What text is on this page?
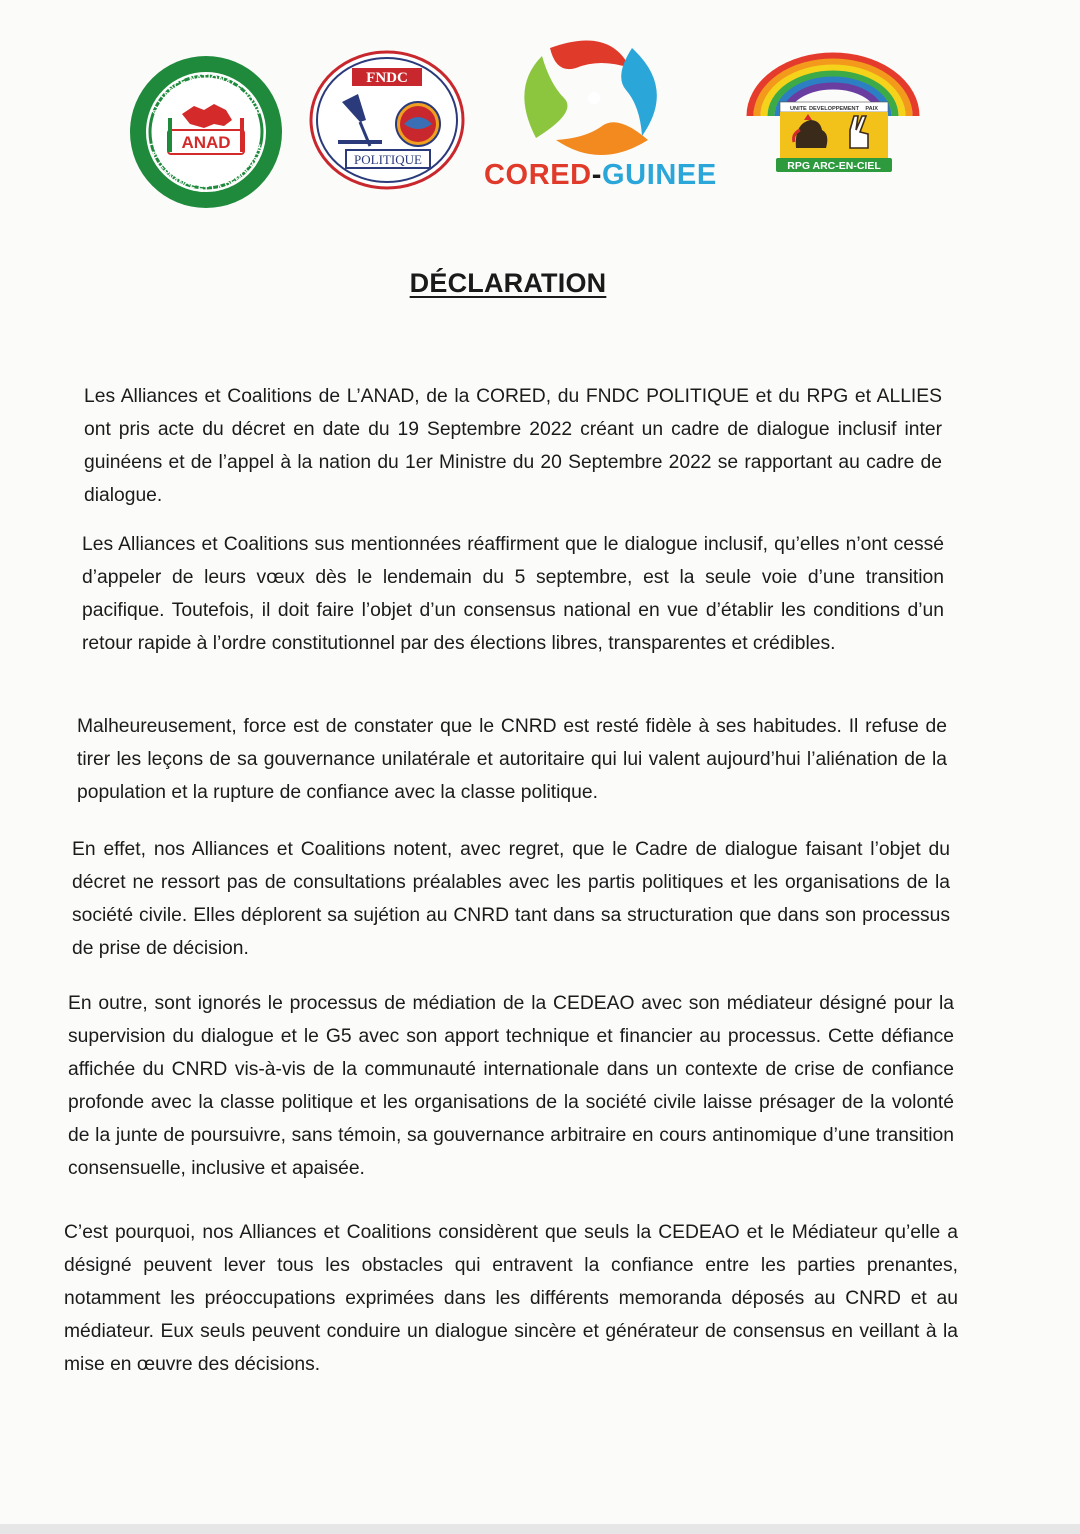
ANAD
ALLIANCE NATIONALE POUR
L'ALTERNANCE ET LA DÉMOCRATIE
FNDC
POLITIQUE CORED-GUINEE
UNITE DEVELOPPEMENT PAIX
RPG ARC-EN-CIEL
DÉCLARATION

Les Alliances et Coalitions de L’ANAD, de la CORED, du FNDC POLITIQUE et du RPG et ALLIES ont pris acte du décret en date du 19 Septembre 2022 créant un cadre de dialogue inclusif inter guinéens et de l’appel à la nation du 1er Ministre du 20 Septembre 2022 se rapportant au cadre de dialogue.

Les Alliances et Coalitions sus mentionnées réaffirment que le dialogue inclusif, qu’elles n’ont cessé d’appeler de leurs vœux dès le lendemain du 5 septembre, est la seule voie d’une transition pacifique. Toutefois, il doit faire l’objet d’un consensus national en vue d’établir les conditions d’un retour rapide à l’ordre constitutionnel par des élections libres, transparentes et crédibles.

Malheureusement, force est de constater que le CNRD est resté fidèle à ses habitudes. Il refuse de tirer les leçons de sa gouvernance unilatérale et autoritaire qui lui valent aujourd’hui l’aliénation de la population et la rupture de confiance avec la classe politique.

En effet, nos Alliances et Coalitions notent, avec regret, que le Cadre de dialogue faisant l’objet du décret ne ressort pas de consultations préalables avec les partis politiques et les organisations de la société civile. Elles déplorent sa sujétion au CNRD tant dans sa structuration que dans son processus de prise de décision.

En outre, sont ignorés le processus de médiation de la CEDEAO avec son médiateur désigné pour la supervision du dialogue et le G5 avec son apport technique et financier au processus. Cette défiance affichée du CNRD vis-à-vis de la communauté internationale dans un contexte de crise de confiance profonde avec la classe politique et les organisations de la société civile laisse présager de la volonté de la junte de poursuivre, sans témoin, sa gouvernance arbitraire en cours antinomique d’une transition consensuelle, inclusive et apaisée.

C’est pourquoi, nos Alliances et Coalitions considèrent que seuls la CEDEAO et le Médiateur qu’elle a désigné peuvent lever tous les obstacles qui entravent la confiance entre les parties prenantes, notamment les préoccupations exprimées dans les différents memoranda déposés au CNRD et au médiateur. Eux seuls peuvent conduire un dialogue sincère et générateur de consensus en veillant à la mise en œuvre des décisions.
